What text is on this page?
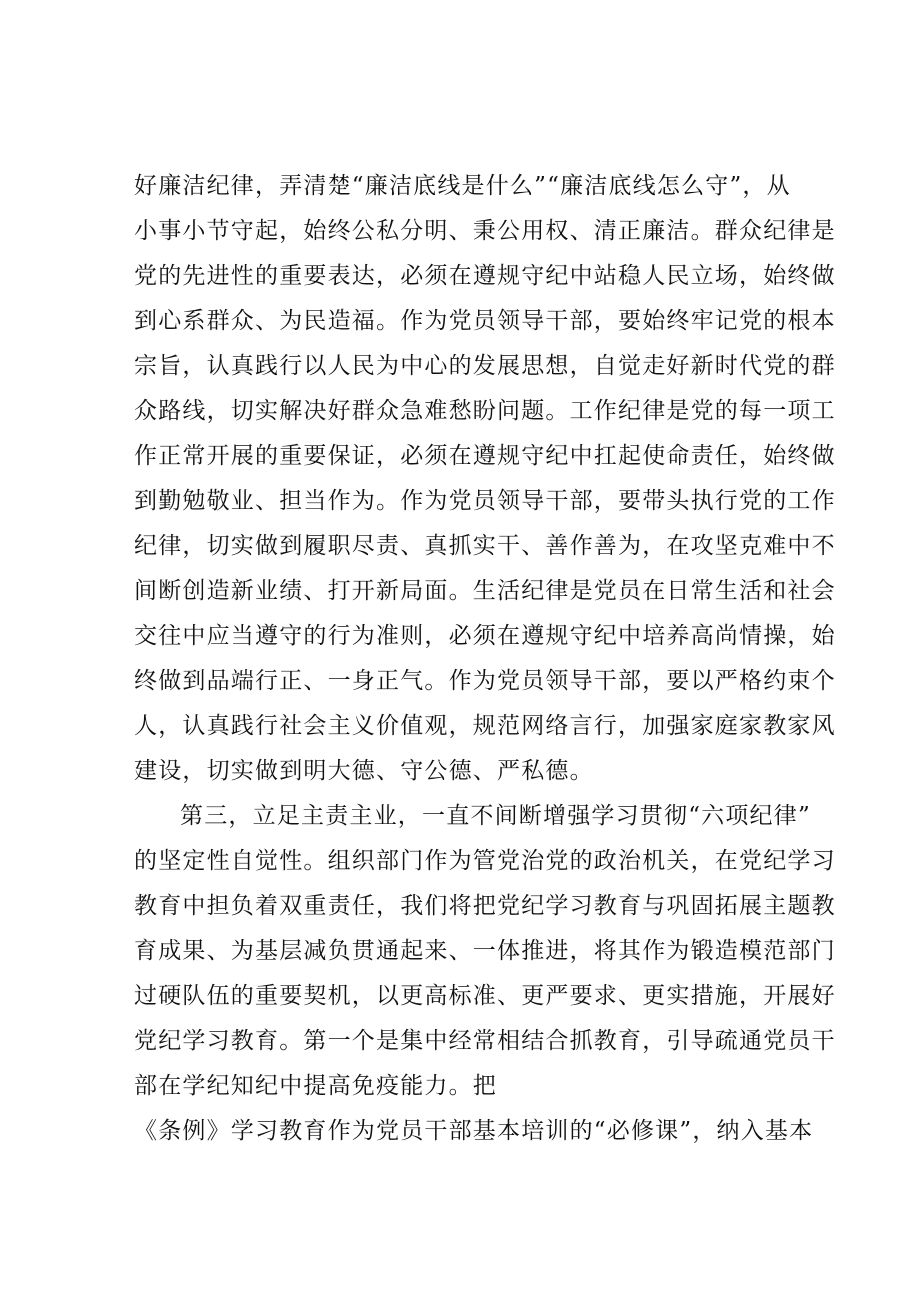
好廉洁纪律，弄清楚“廉洁底线是什么”“廉洁底线怎么守”，从
小事小节守起，始终公私分明、秉公用权、清正廉洁。群众纪律是
党的先进性的重要表达，必须在遵规守纪中站稳人民立场，始终做
到心系群众、为民造福。作为党员领导干部，要始终牢记党的根本
宗旨，认真践行以人民为中心的发展思想，自觉走好新时代党的群
众路线，切实解决好群众急难愁盼问题。工作纪律是党的每一项工
作正常开展的重要保证，必须在遵规守纪中扛起使命责任，始终做
到勤勉敬业、担当作为。作为党员领导干部，要带头执行党的工作
纪律，切实做到履职尽责、真抓实干、善作善为，在攻坚克难中不
间断创造新业绩、打开新局面。生活纪律是党员在日常生活和社会
交往中应当遵守的行为准则，必须在遵规守纪中培养高尚情操，始
终做到品端行正、一身正气。作为党员领导干部，要以严格约束个
人，认真践行社会主义价值观，规范网络言行，加强家庭家教家风
建设，切实做到明大德、守公德、严私德。
第三，立足主责主业，一直不间断增强学习贯彻“六项纪律”
的坚定性自觉性。组织部门作为管党治党的政治机关，在党纪学习
教育中担负着双重责任，我们将把党纪学习教育与巩固拓展主题教
育成果、为基层减负贯通起来、一体推进，将其作为锻造模范部门
过硬队伍的重要契机，以更高标准、更严要求、更实措施，开展好
党纪学习教育。第一个是集中经常相结合抓教育，引导疏通党员干
部在学纪知纪中提高免疫能力。把
《条例》学习教育作为党员干部基本培训的“必修课”，纳入基本
